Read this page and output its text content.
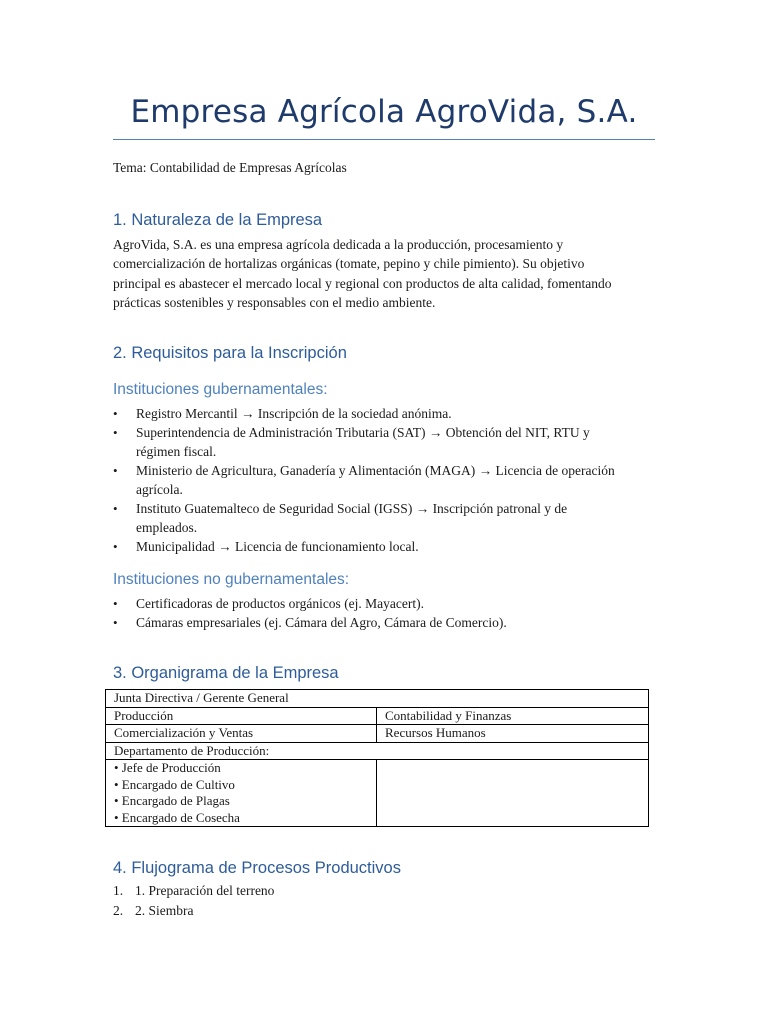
Empresa Agrícola AgroVida, S.A.
Tema: Contabilidad de Empresas Agrícolas
1. Naturaleza de la Empresa
AgroVida, S.A. es una empresa agrícola dedicada a la producción, procesamiento y
comercialización de hortalizas orgánicas (tomate, pepino y chile pimiento). Su objetivo
principal es abastecer el mercado local y regional con productos de alta calidad, fomentando
prácticas sostenibles y responsables con el medio ambiente.
2. Requisitos para la Inscripción
Instituciones gubernamentales:
• Registro Mercantil → Inscripción de la sociedad anónima.
• Superintendencia de Administración Tributaria (SAT) → Obtención del NIT, RTU y
régimen fiscal.
• Ministerio de Agricultura, Ganadería y Alimentación (MAGA) → Licencia de operación
agrícola.
• Instituto Guatemalteco de Seguridad Social (IGSS) → Inscripción patronal y de
empleados.
• Municipalidad → Licencia de funcionamiento local.
Instituciones no gubernamentales:
• Certificadoras de productos orgánicos (ej. Mayacert).
• Cámaras empresariales (ej. Cámara del Agro, Cámara de Comercio).
3. Organigrama de la Empresa
Junta Directiva / Gerente General	
Producción	Contabilidad y Finanzas
Comercialización y Ventas	Recursos Humanos
Departamento de Producción:	

• Jefe de Producción
• Encargado de Cultivo
• Encargado de Plagas
• Encargado de Cosecha	

4. Flujograma de Procesos Productivos
1. 1. Preparación del terreno
2. 2. Siembra
